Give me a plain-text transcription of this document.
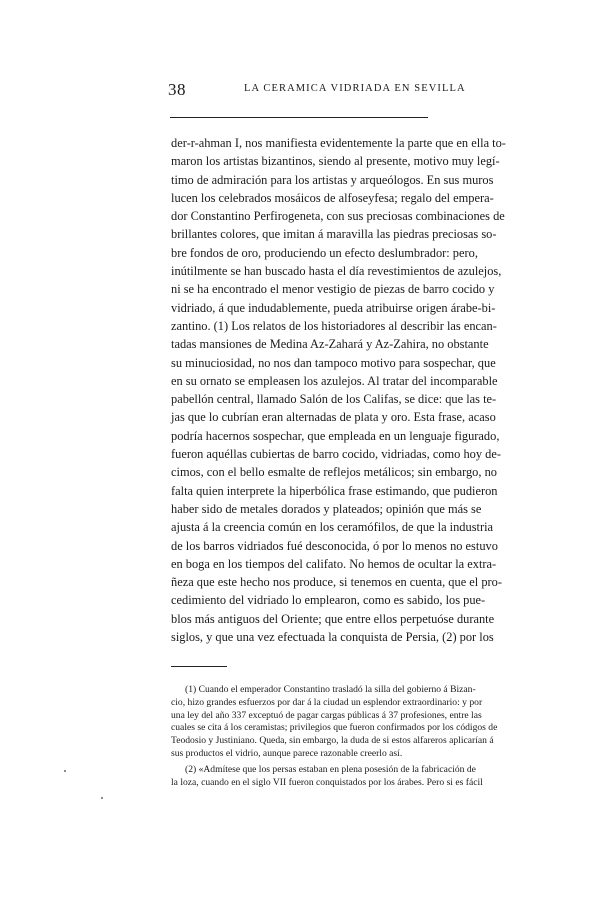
38	LA CERAMICA VIDRIADA EN SEVILLA
der-r-ahman I, nos manifiesta evidentemente la parte que en ella to-
maron los artistas bizantinos, siendo al presente, motivo muy legí-
timo de admiración para los artistas y arqueólogos. En sus muros
lucen los celebrados mosáicos de alfoseyfesa; regalo del empera-
dor Constantino Perfirogeneta, con sus preciosas combinaciones de
brillantes colores, que imitan á maravilla las piedras preciosas so-
bre fondos de oro, produciendo un efecto deslumbrador: pero,
inútilmente se han buscado hasta el día revestimientos de azulejos,
ni se ha encontrado el menor vestigio de piezas de barro cocido y
vidriado, á que indudablemente, pueda atribuirse origen árabe-bi-
zantino. (1) Los relatos de los historiadores al describir las encan-
tadas mansiones de Medina Az-Zahará y Az-Zahira, no obstante
su minuciosidad, no nos dan tampoco motivo para sospechar, que
en su ornato se empleasen los azulejos. Al tratar del incomparable
pabellón central, llamado Salón de los Califas, se dice: que las te-
jas que lo cubrían eran alternadas de plata y oro. Esta frase, acaso
podría hacernos sospechar, que empleada en un lenguaje figurado,
fueron aquéllas cubiertas de barro cocido, vidriadas, como hoy de-
cimos, con el bello esmalte de reflejos metálicos; sin embargo, no
falta quien interprete la hiperbólica frase estimando, que pudieron
haber sido de metales dorados y plateados; opinión que más se
ajusta á la creencia común en los ceramófilos, de que la industria
de los barros vidriados fué desconocida, ó por lo menos no estuvo
en boga en los tiempos del califato. No hemos de ocultar la extra-
ñeza que este hecho nos produce, si tenemos en cuenta, que el pro-
cedimiento del vidriado lo emplearon, como es sabido, los pue-
blos más antiguos del Oriente; que entre ellos perpetuóse durante
siglos, y que una vez efectuada la conquista de Persia, (2) por los
(1) Cuando el emperador Constantino trasladó la silla del gobierno á Bizan-
cio, hizo grandes esfuerzos por dar á la ciudad un esplendor extraordinario: y por
una ley del año 337 exceptuó de pagar cargas públicas á 37 profesiones, entre las
cuales se cita á los ceramistas; privilegios que fueron confirmados por los códigos de
Teodosio y Justiniano. Queda, sin embargo, la duda de si estos alfareros aplicarían á
sus productos el vidrio, aunque parece razonable creerlo así.
(2) «Admítese que los persas estaban en plena posesión de la fabricación de
la loza, cuando en el siglo VII fueron conquistados por los árabes. Pero si es fácil
